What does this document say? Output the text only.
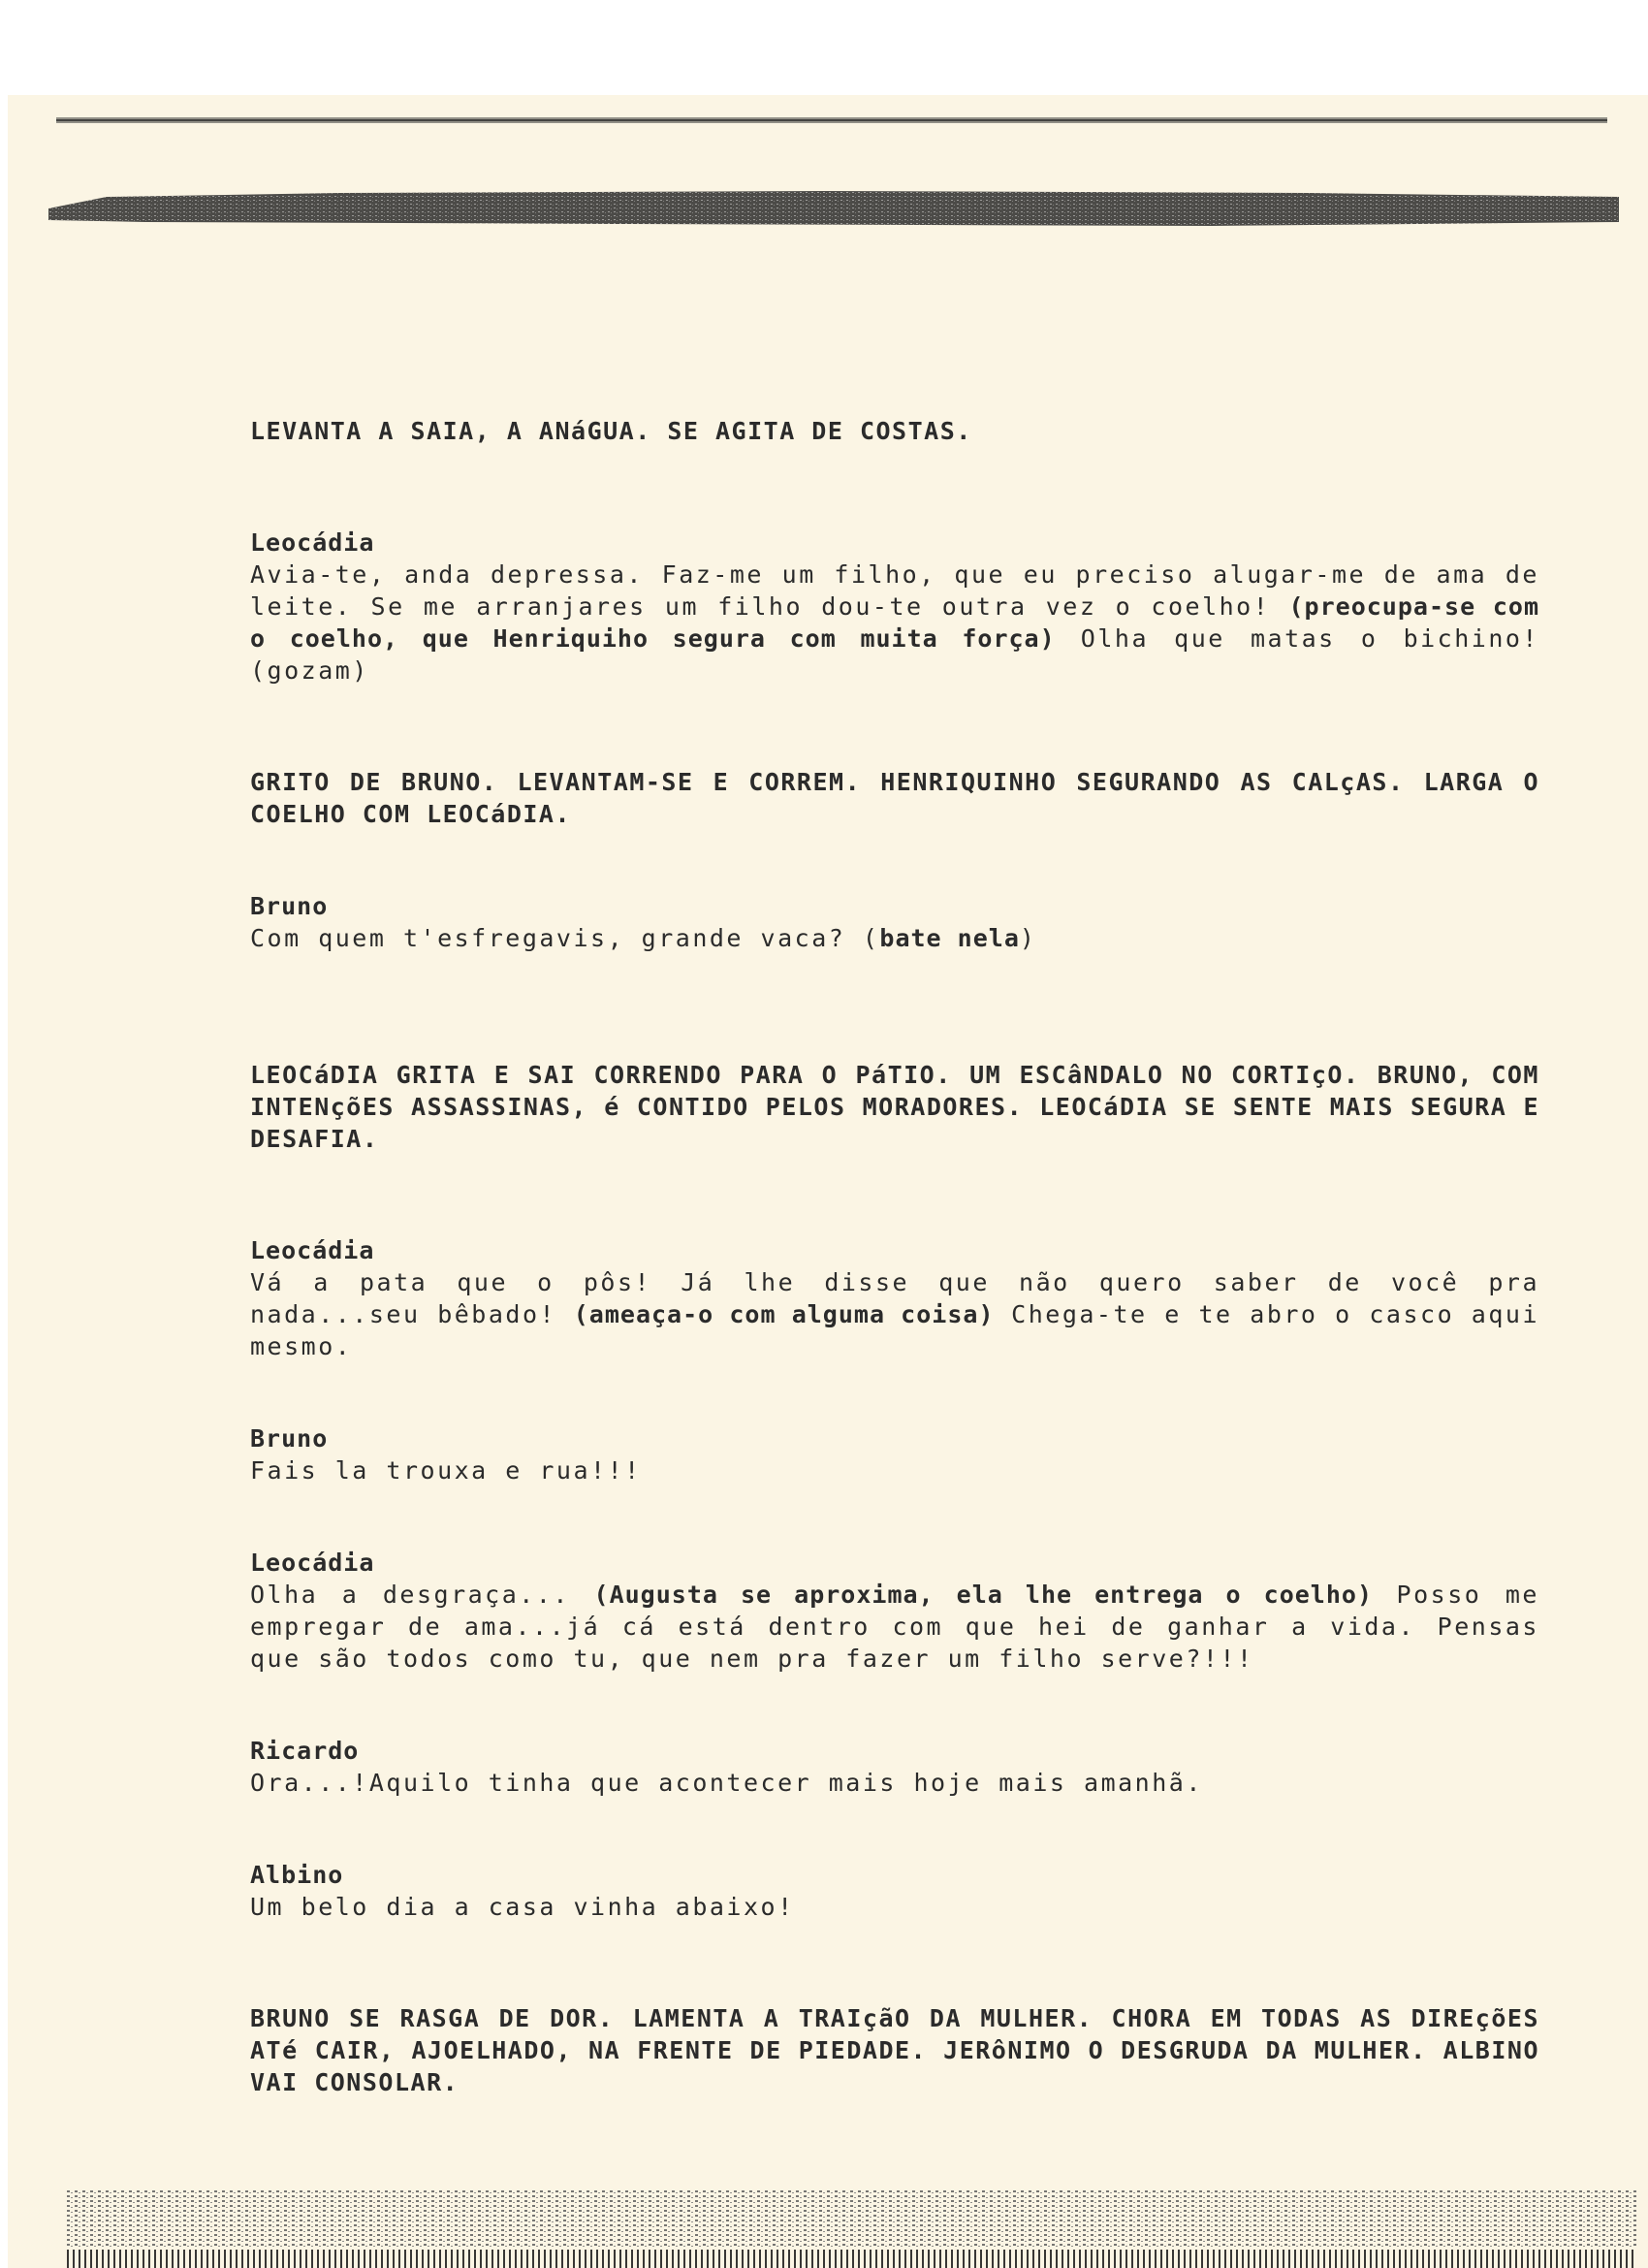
LEVANTA A SAIA, A ANáGUA. SE AGITA DE COSTAS.

Leocádia

Avia-te, anda depressa. Faz-me um filho, que eu preciso alugar-me de ama de leite. Se me arranjares um filho dou-te outra vez o coelho! (preocupa-se com o coelho, que Henriquiho segura com muita força) Olha que matas o bichino! (gozam)

GRITO DE BRUNO. LEVANTAM-SE E CORREM. HENRIQUINHO SEGURANDO AS CALçAS. LARGA O COELHO COM LEOCáDIA.

Bruno

Com quem t'esfregavis, grande vaca? (bate nela)

LEOCáDIA GRITA E SAI CORRENDO PARA O PáTIO. UM ESCâNDALO NO CORTIçO. BRUNO, COM INTENçõES ASSASSINAS, é CONTIDO PELOS MORADORES. LEOCáDIA SE SENTE MAIS SEGURA E DESAFIA.

Leocádia

Vá a pata que o pôs! Já lhe disse que não quero saber de você pra nada...seu bêbado! (ameaça-o com alguma coisa) Chega-te e te abro o casco aqui mesmo.

Bruno

Fais la trouxa e rua!!!

Leocádia

Olha a desgraça... (Augusta se aproxima, ela lhe entrega o coelho) Posso me empregar de ama...já cá está dentro com que hei de ganhar a vida. Pensas que são todos como tu, que nem pra fazer um filho serve?!!!

Ricardo

Ora...!Aquilo tinha que acontecer mais hoje mais amanhã.

Albino

Um belo dia a casa vinha abaixo!

BRUNO SE RASGA DE DOR. LAMENTA A TRAIçãO DA MULHER. CHORA EM TODAS AS DIREçõES ATé CAIR, AJOELHADO, NA FRENTE DE PIEDADE. JERôNIMO O DESGRUDA DA MULHER. ALBINO VAI CONSOLAR.
